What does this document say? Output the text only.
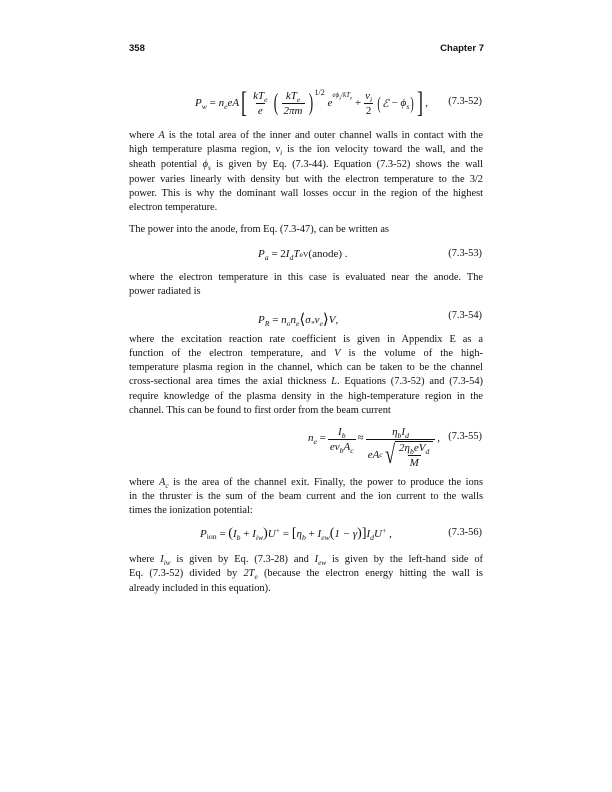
358	Chapter 7
$P_w$
=
$n_eeA$ [ $\frac{kT_e}{e}$ ( $\frac{kT_e}{2\pi m}$ ) 1/2

$e^{e\phi_s/kT_e}$
+ $\frac{v_i}{2}$ ( ℰ
−
$\phi_s$ ) ] , (7.3-52)
$P_a$
= 2 $I_dT$ eV (anode) .	(7.3-53)
$P_R$
=
$n_on_e$ ⟨ $\sigma_*v_e$ ⟩ V ,	(7.3-54)
$n_e$
= $\frac{I_b}{ev_bA_c} \approx \frac{\eta_bI_d}{eA c √ \frac{2\eta_beV_d}{M}}$ , (7.3-55)
$P_{ion}$
=
( $I_b$
+
$I_{iw}$ ) U+
=
[ $\eta_b$
+
$I_{ew}$ ( 1 − γ )] $I_dU^+$
,	(7.3-56)
where A is the total area of the inner and outer channel walls in contact with the
high temperature plasma region, $v_i$ is the ion velocity toward the wall, and the
sheath potential $\phi_s$ is given by Eq. (7.3-44). Equation (7.3-52) shows the wall
power varies linearly with density but with the electron temperature to the 3/2
power. This is why the dominant wall losses occur in the region of the highest
electron temperature.
The power into the anode, from Eq. (7.3-47), can be written as
where the electron temperature in this case is evaluated near the anode. The
power radiated is
where the excitation reaction rate coefficient is given in Appendix E as a
function of the electron temperature, and V is the volume of the high-
temperature plasma region in the channel, which can be taken to be the channel
cross-sectional area times the axial thickness L. Equations (7.3-52) and (7.3-54)
require knowledge of the plasma density in the high-temperature region in the
channel. This can be found to first order from the beam current
where $A_c$ is the area of the channel exit. Finally, the power to produce the ions
in the thruster is the sum of the beam current and the ion current to the walls
times the ionization potential:
where $I_{iw}$ is given by Eq. (7.3-28) and $I_{ew}$ is given by the left-hand side of
Eq. (7.3-52) divided by $2T_e$ (because the electron energy hitting the wall is
already included in this equation).
